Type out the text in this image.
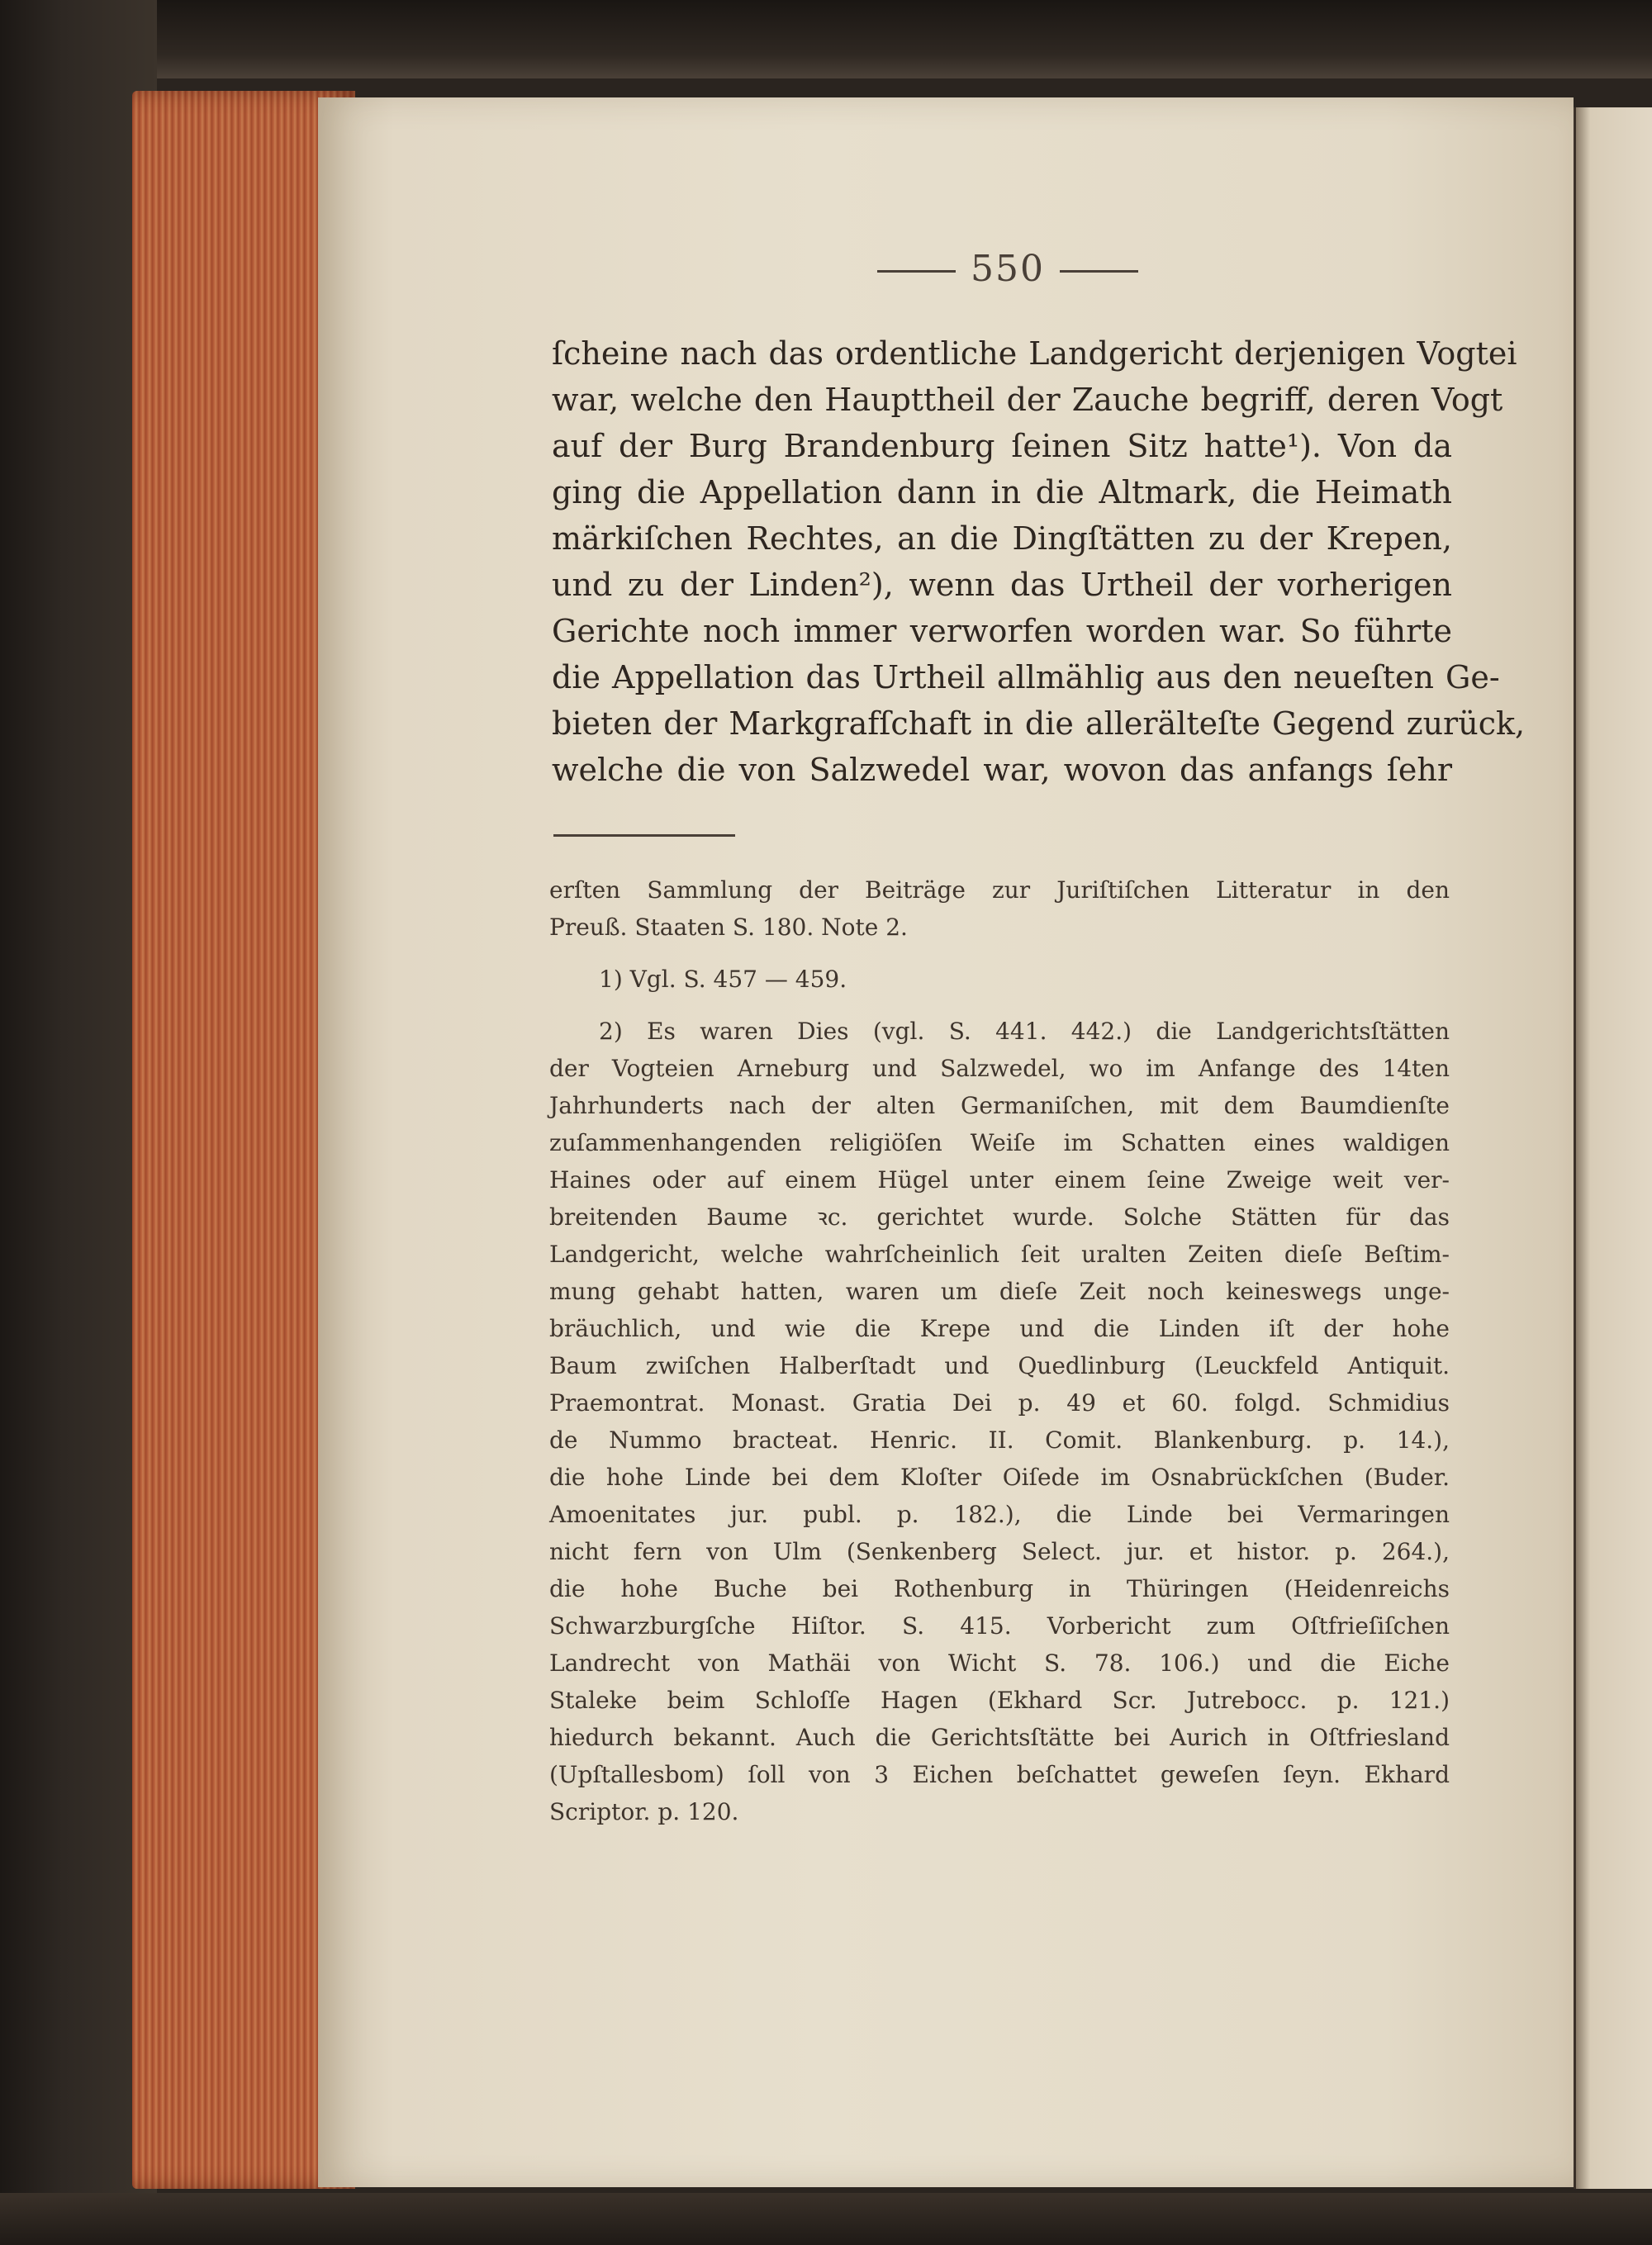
550

ſcheine nach das ordentliche Landgericht derjenigen Vogtei

war, welche den Haupttheil der Zauche begriff, deren Vogt

auf der Burg Brandenburg ſeinen Sitz hatte¹). Von da

ging die Appellation dann in die Altmark, die Heimath

märkiſchen Rechtes, an die Dingſtätten zu der Krepen,

und zu der Linden²), wenn das Urtheil der vorherigen

Gerichte noch immer verworfen worden war. So führte

die Appellation das Urtheil allmählig aus den neueſten Ge-

bieten der Markgrafſchaft in die allerälteſte Gegend zurück,

welche die von Salzwedel war, wovon das anfangs ſehr

erſten Sammlung der Beiträge zur Juriſtiſchen Litteratur in den

Preuß. Staaten S. 180. Note 2.

1) Vgl. S. 457 — 459.

2) Es waren Dies (vgl. S. 441. 442.) die Landgerichtsſtätten

der Vogteien Arneburg und Salzwedel, wo im Anfange des 14ten

Jahrhunderts nach der alten Germaniſchen, mit dem Baumdienſte

zuſammenhangenden religiöſen Weiſe im Schatten eines waldigen

Haines oder auf einem Hügel unter einem ſeine Zweige weit ver-

breitenden Baume ꝛc. gerichtet wurde. Solche Stätten für das

Landgericht, welche wahrſcheinlich ſeit uralten Zeiten dieſe Beſtim-

mung gehabt hatten, waren um dieſe Zeit noch keineswegs unge-

bräuchlich, und wie die Krepe und die Linden iſt der hohe

Baum zwiſchen Halberſtadt und Quedlinburg (Leuckfeld Antiquit.

Praemontrat. Monast. Gratia Dei p. 49 et 60. folgd. Schmidius

de Nummo bracteat. Henric. II. Comit. Blankenburg. p. 14.),

die hohe Linde bei dem Kloſter Oiſede im Osnabrückſchen (Buder.

Amoenitates jur. publ. p. 182.), die Linde bei Vermaringen

nicht fern von Ulm (Senkenberg Select. jur. et histor. p. 264.),

die hohe Buche bei Rothenburg in Thüringen (Heidenreichs

Schwarzburgſche Hiſtor. S. 415. Vorbericht zum Oſtfrieſiſchen

Landrecht von Mathäi von Wicht S. 78. 106.) und die Eiche

Staleke beim Schloſſe Hagen (Ekhard Scr. Jutrebocc. p. 121.)

hiedurch bekannt. Auch die Gerichtsſtätte bei Aurich in Oſtfriesland

(Upſtallesbom) ſoll von 3 Eichen beſchattet geweſen ſeyn. Ekhard

Scriptor. p. 120.
